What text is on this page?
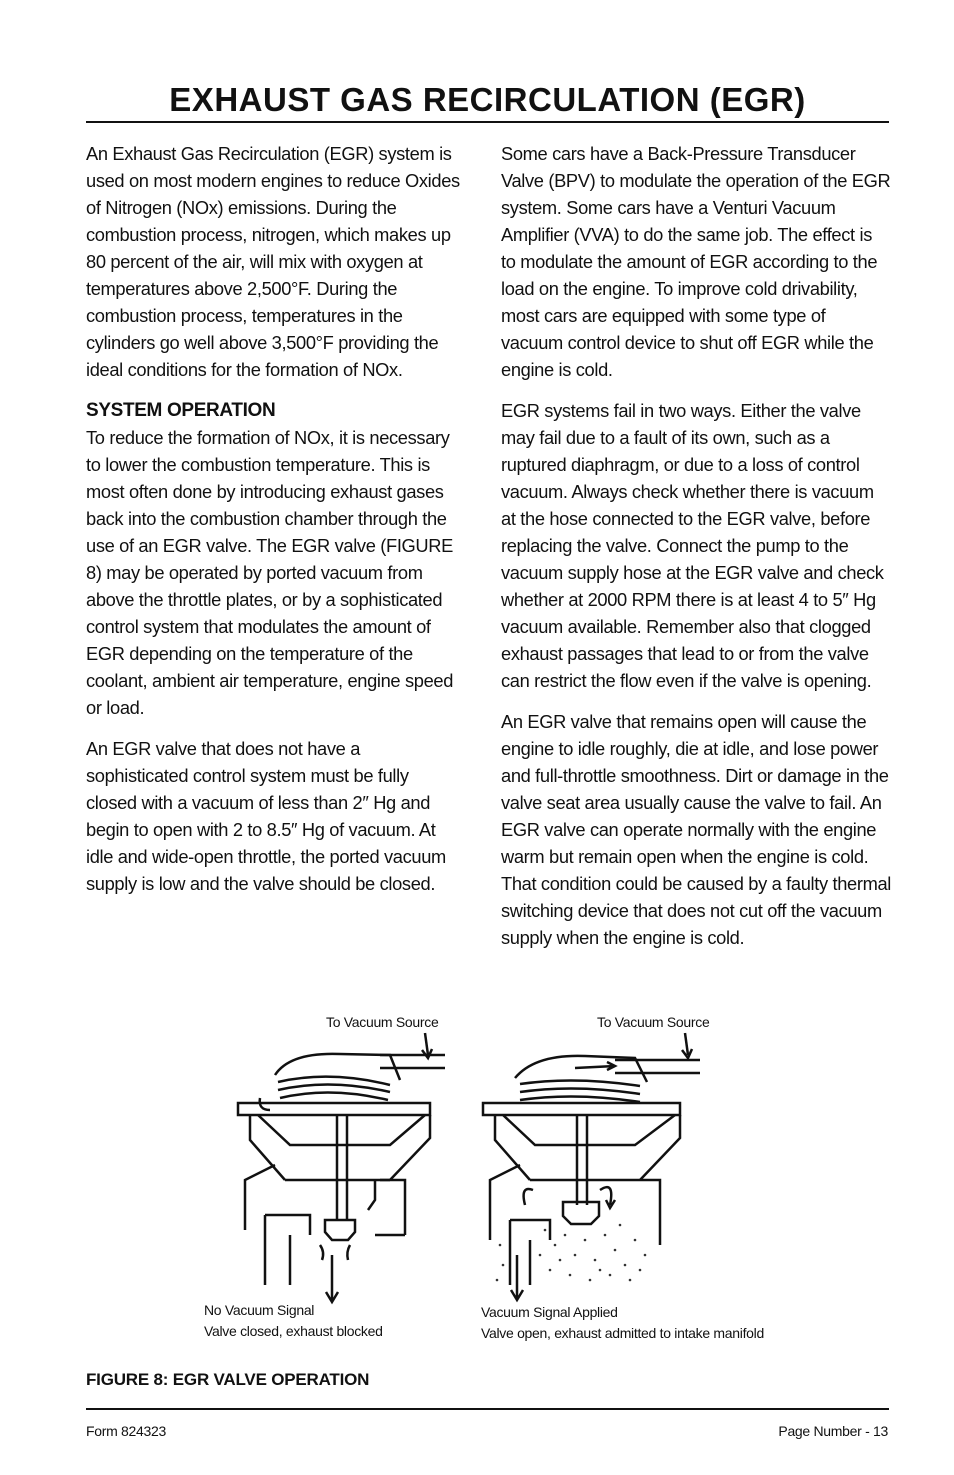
EXHAUST GAS RECIRCULATION (EGR)

An Exhaust Gas Recirculation (EGR) system is used on most modern engines to reduce Oxides of Nitrogen (NOx) emissions. During the combustion process, nitrogen, which makes up 80 percent of the air, will mix with oxygen at temperatures above 2,500°F. During the combustion process, temperatures in the cylinders go well above 3,500°F providing the ideal conditions for the formation of NOx.

SYSTEM OPERATION

To reduce the formation of NOx, it is necessary to lower the combustion temperature. This is most often done by introducing exhaust gases back into the combustion chamber through the use of an EGR valve. The EGR valve (FIGURE 8) may be operated by ported vacuum from above the throttle plates, or by a sophisticated control system that modulates the amount of EGR depending on the temperature of the coolant, ambient air temperature, engine speed or load.

An EGR valve that does not have a sophisticated control system must be fully closed with a vacuum of less than 2″ Hg and begin to open with 2 to 8.5″ Hg of vacuum. At idle and wide-open throttle, the ported vacuum supply is low and the valve should be closed.

Some cars have a Back-Pressure Transducer Valve (BPV) to modulate the operation of the EGR system. Some cars have a Venturi Vacuum Amplifier (VVA) to do the same job. The effect is to modulate the amount of EGR according to the load on the engine. To improve cold drivability, most cars are equipped with some type of vacuum control device to shut off EGR while the engine is cold.

EGR systems fail in two ways. Either the valve may fail due to a fault of its own, such as a ruptured diaphragm, or due to a loss of control vacuum. Always check whether there is vacuum at the hose connected to the EGR valve, before replacing the valve. Connect the pump to the vacuum supply hose at the EGR valve and check whether at 2000 RPM there is at least 4 to 5″ Hg vacuum available. Remember also that clogged exhaust passages that lead to or from the valve can restrict the flow even if the valve is opening.

An EGR valve that remains open will cause the engine to idle roughly, die at idle, and lose power and full-throttle smoothness. Dirt or damage in the valve seat area usually cause the valve to fail. An EGR valve can operate normally with the engine warm but remain open when the engine is cold. That condition could be caused by a faulty thermal switching device that does not cut off the vacuum supply when the engine is cold.

To Vacuum Source
No Vacuum Signal
Valve closed, exhaust blocked
To Vacuum Source
Vacuum Signal Applied
Valve open, exhaust admitted to intake manifold
FIGURE 8: EGR VALVE OPERATION
Form 824323	Page Number - 13
